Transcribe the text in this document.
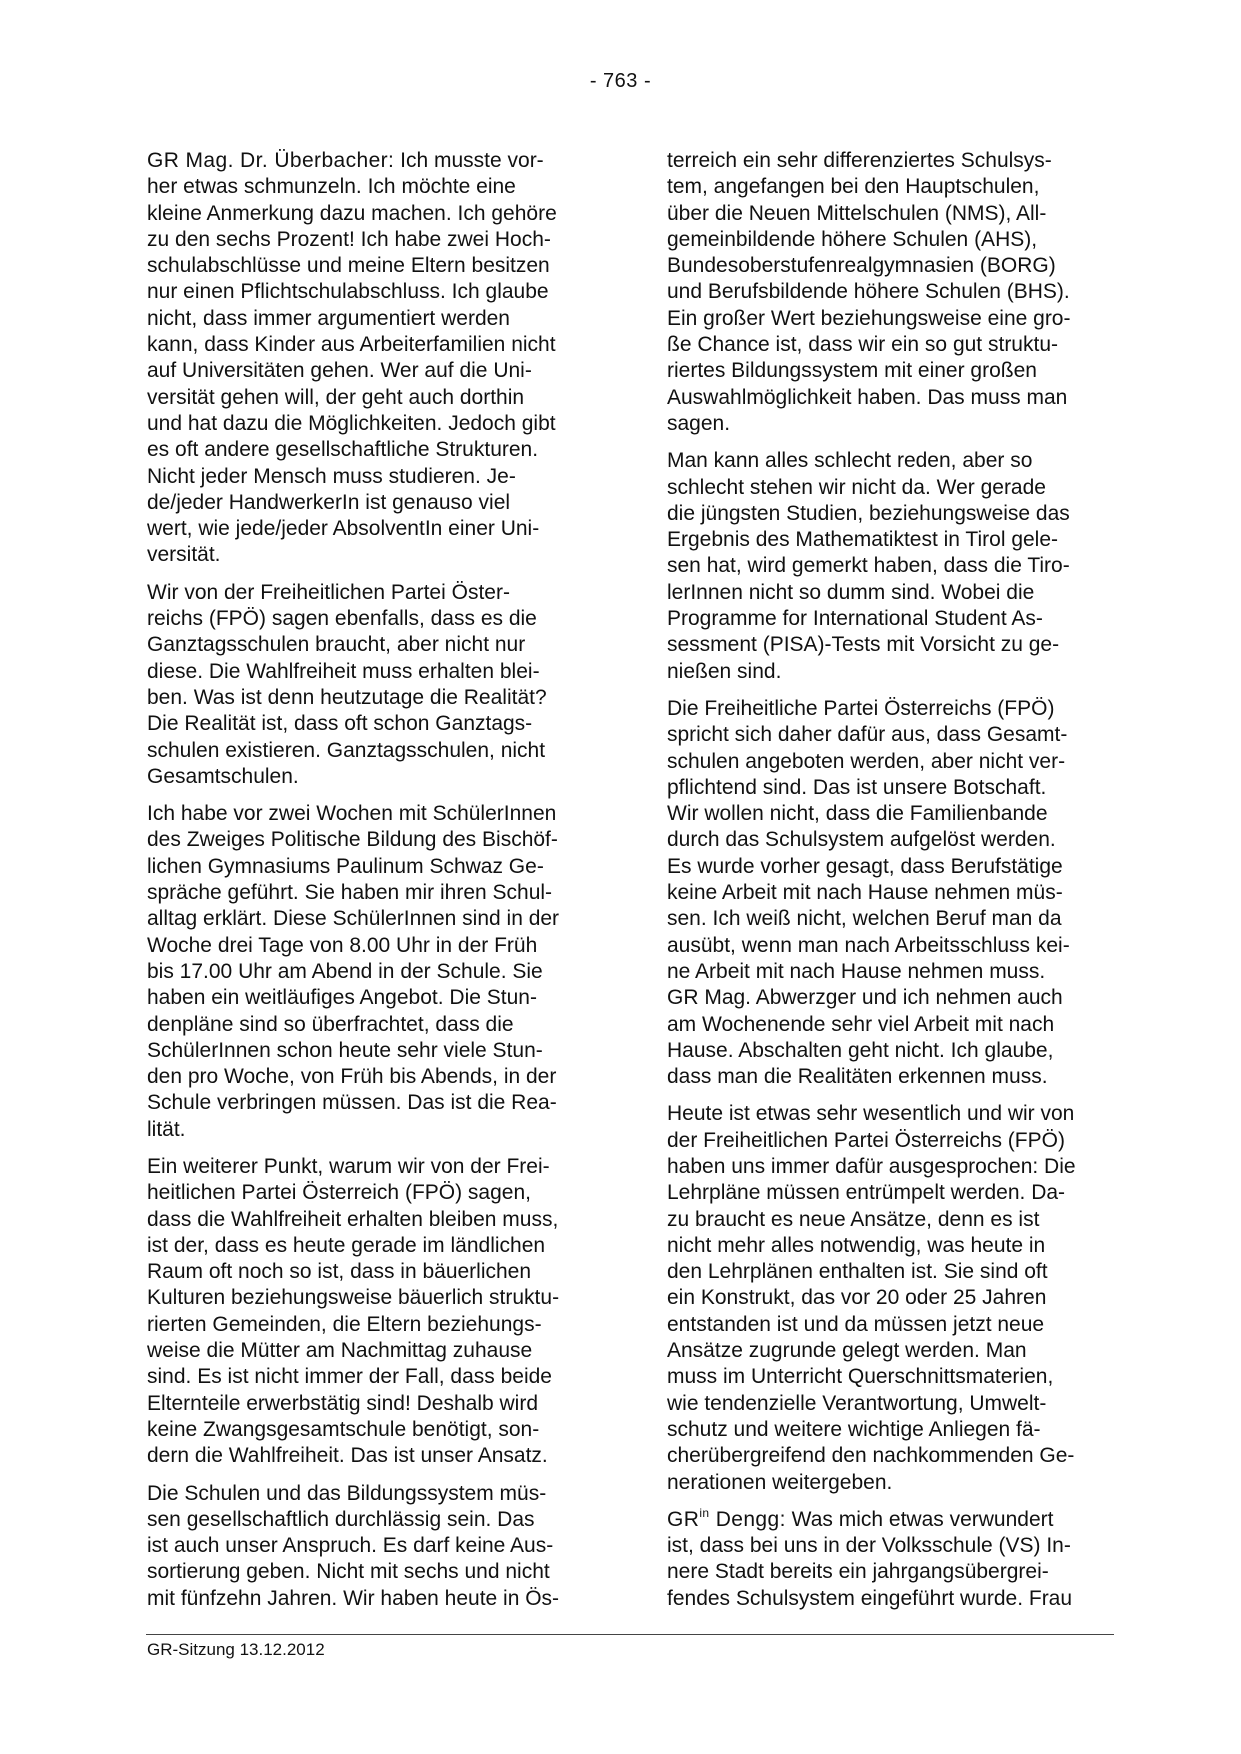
- 763 -
GR Mag. Dr. Überbacher: Ich musste vor-
her etwas schmunzeln. Ich möchte eine
kleine Anmerkung dazu machen. Ich gehöre
zu den sechs Prozent! Ich habe zwei Hoch-
schulabschlüsse und meine Eltern besitzen
nur einen Pflichtschulabschluss. Ich glaube
nicht, dass immer argumentiert werden
kann, dass Kinder aus Arbeiterfamilien nicht
auf Universitäten gehen. Wer auf die Uni-
versität gehen will, der geht auch dorthin
und hat dazu die Möglichkeiten. Jedoch gibt
es oft andere gesellschaftliche Strukturen.
Nicht jeder Mensch muss studieren. Je-
de/jeder HandwerkerIn ist genauso viel
wert, wie jede/jeder AbsolventIn einer Uni-
versität.
Wir von der Freiheitlichen Partei Öster-
reichs (FPÖ) sagen ebenfalls, dass es die
Ganztagsschulen braucht, aber nicht nur
diese. Die Wahlfreiheit muss erhalten blei-
ben. Was ist denn heutzutage die Realität?
Die Realität ist, dass oft schon Ganztags-
schulen existieren. Ganztagsschulen, nicht
Gesamtschulen.
Ich habe vor zwei Wochen mit SchülerInnen
des Zweiges Politische Bildung des Bischöf-
lichen Gymnasiums Paulinum Schwaz Ge-
spräche geführt. Sie haben mir ihren Schul-
alltag erklärt. Diese SchülerInnen sind in der
Woche drei Tage von 8.00 Uhr in der Früh
bis 17.00 Uhr am Abend in der Schule. Sie
haben ein weitläufiges Angebot. Die Stun-
denpläne sind so überfrachtet, dass die
SchülerInnen schon heute sehr viele Stun-
den pro Woche, von Früh bis Abends, in der
Schule verbringen müssen. Das ist die Rea-
lität.
Ein weiterer Punkt, warum wir von der Frei-
heitlichen Partei Österreich (FPÖ) sagen,
dass die Wahlfreiheit erhalten bleiben muss,
ist der, dass es heute gerade im ländlichen
Raum oft noch so ist, dass in bäuerlichen
Kulturen beziehungsweise bäuerlich struktu-
rierten Gemeinden, die Eltern beziehungs-
weise die Mütter am Nachmittag zuhause
sind. Es ist nicht immer der Fall, dass beide
Elternteile erwerbstätig sind! Deshalb wird
keine Zwangsgesamtschule benötigt, son-
dern die Wahlfreiheit. Das ist unser Ansatz.
Die Schulen und das Bildungssystem müs-
sen gesellschaftlich durchlässig sein. Das
ist auch unser Anspruch. Es darf keine Aus-
sortierung geben. Nicht mit sechs und nicht
mit fünfzehn Jahren. Wir haben heute in Ös-
terreich ein sehr differenziertes Schulsys-
tem, angefangen bei den Hauptschulen,
über die Neuen Mittelschulen (NMS), All-
gemeinbildende höhere Schulen (AHS),
Bundesoberstufenrealgymnasien (BORG)
und Berufsbildende höhere Schulen (BHS).
Ein großer Wert beziehungsweise eine gro-
ße Chance ist, dass wir ein so gut struktu-
riertes Bildungssystem mit einer großen
Auswahlmöglichkeit haben. Das muss man
sagen.
Man kann alles schlecht reden, aber so
schlecht stehen wir nicht da. Wer gerade
die jüngsten Studien, beziehungsweise das
Ergebnis des Mathematiktest in Tirol gele-
sen hat, wird gemerkt haben, dass die Tiro-
lerInnen nicht so dumm sind. Wobei die
Programme for International Student As-
sessment (PISA)-Tests mit Vorsicht zu ge-
nießen sind.
Die Freiheitliche Partei Österreichs (FPÖ)
spricht sich daher dafür aus, dass Gesamt-
schulen angeboten werden, aber nicht ver-
pflichtend sind. Das ist unsere Botschaft.
Wir wollen nicht, dass die Familienbande
durch das Schulsystem aufgelöst werden.
Es wurde vorher gesagt, dass Berufstätige
keine Arbeit mit nach Hause nehmen müs-
sen. Ich weiß nicht, welchen Beruf man da
ausübt, wenn man nach Arbeitsschluss kei-
ne Arbeit mit nach Hause nehmen muss.
GR Mag. Abwerzger und ich nehmen auch
am Wochenende sehr viel Arbeit mit nach
Hause. Abschalten geht nicht. Ich glaube,
dass man die Realitäten erkennen muss.
Heute ist etwas sehr wesentlich und wir von
der Freiheitlichen Partei Österreichs (FPÖ)
haben uns immer dafür ausgesprochen: Die
Lehrpläne müssen entrümpelt werden. Da-
zu braucht es neue Ansätze, denn es ist
nicht mehr alles notwendig, was heute in
den Lehrplänen enthalten ist. Sie sind oft
ein Konstrukt, das vor 20 oder 25 Jahren
entstanden ist und da müssen jetzt neue
Ansätze zugrunde gelegt werden. Man
muss im Unterricht Querschnittsmaterien,
wie tendenzielle Verantwortung, Umwelt-
schutz und weitere wichtige Anliegen fä-
cherübergreifend den nachkommenden Ge-
nerationen weitergeben.
$GR^{in}$ Dengg: Was mich etwas verwundert
ist, dass bei uns in der Volksschule (VS) In-
nere Stadt bereits ein jahrgangsübergrei-
fendes Schulsystem eingeführt wurde. Frau
GR-Sitzung 13.12.2012
